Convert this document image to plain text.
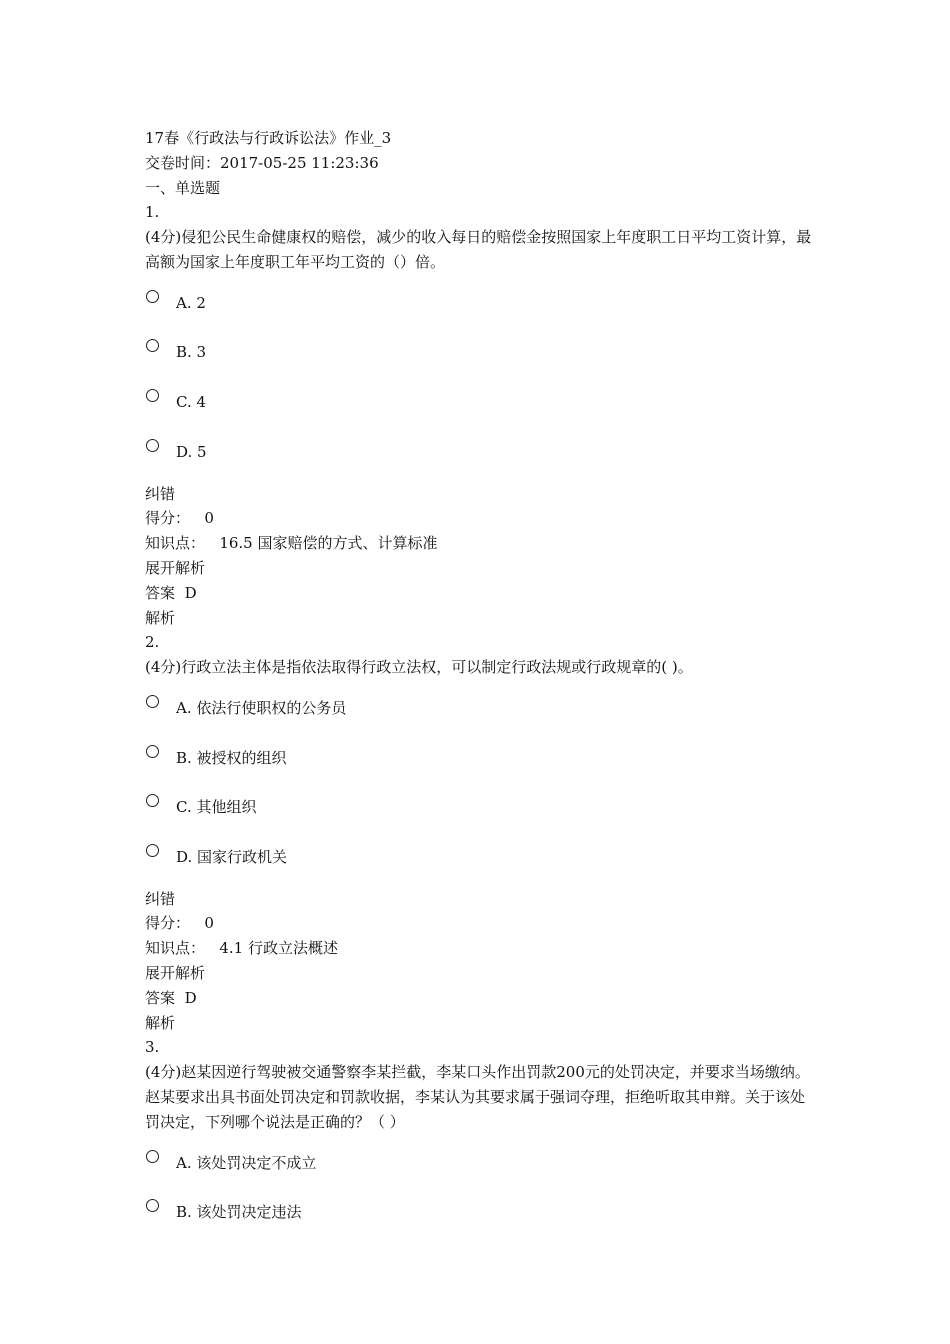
17春《行政法与行政诉讼法》作业_3
交卷时间：2017-05-25 11:23:36
一、单选题
1.
(4分)侵犯公民生命健康权的赔偿，减少的收入每日的赔偿金按照国家上年度职工日平均工资计算，最高额为国家上年度职工年平均工资的（）倍。
A. 2
B. 3
C. 4
D. 5
纠错
得分： 0
知识点： 16.5 国家赔偿的方式、计算标准
展开解析
答案 D
解析
2.
(4分)行政立法主体是指依法取得行政立法权，可以制定行政法规或行政规章的( )。
A. 依法行使职权的公务员
B. 被授权的组织
C. 其他组织
D. 国家行政机关
纠错
得分： 0
知识点： 4.1 行政立法概述
展开解析
答案 D
解析
3.
(4分)赵某因逆行驾驶被交通警察李某拦截，李某口头作出罚款200元的处罚决定，并要求当场缴纳。赵某要求出具书面处罚决定和罚款收据，李某认为其要求属于强词夺理，拒绝听取其申辩。关于该处罚决定，下列哪个说法是正确的？（ ）
A. 该处罚决定不成立
B. 该处罚决定违法
